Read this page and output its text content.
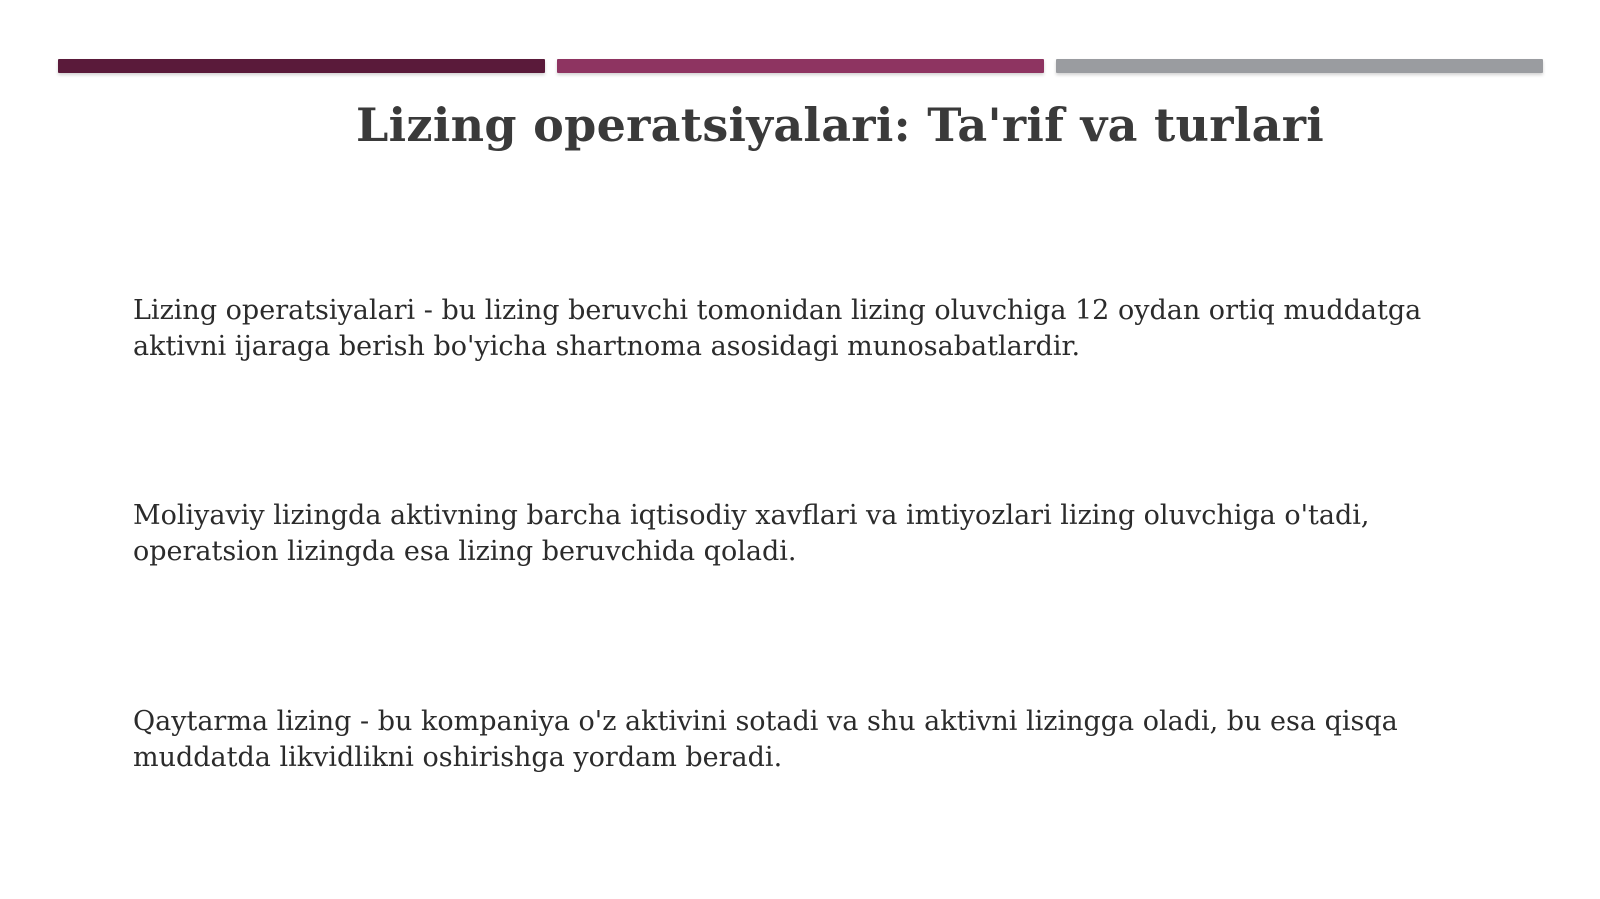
Lizing operatsiyalari: Ta'rif va turlari

Lizing operatsiyalari - bu lizing beruvchi tomonidan lizing oluvchiga 12 oydan ortiq muddatga aktivni ijaraga berish bo'yicha shartnoma asosidagi munosabatlardir.

Moliyaviy lizingda aktivning barcha iqtisodiy xavflari va imtiyozlari lizing oluvchiga o'tadi, operatsion lizingda esa lizing beruvchida qoladi.

Qaytarma lizing - bu kompaniya o'z aktivini sotadi va shu aktivni lizingga oladi, bu esa qisqa muddatda likvidlikni oshirishga yordam beradi.
